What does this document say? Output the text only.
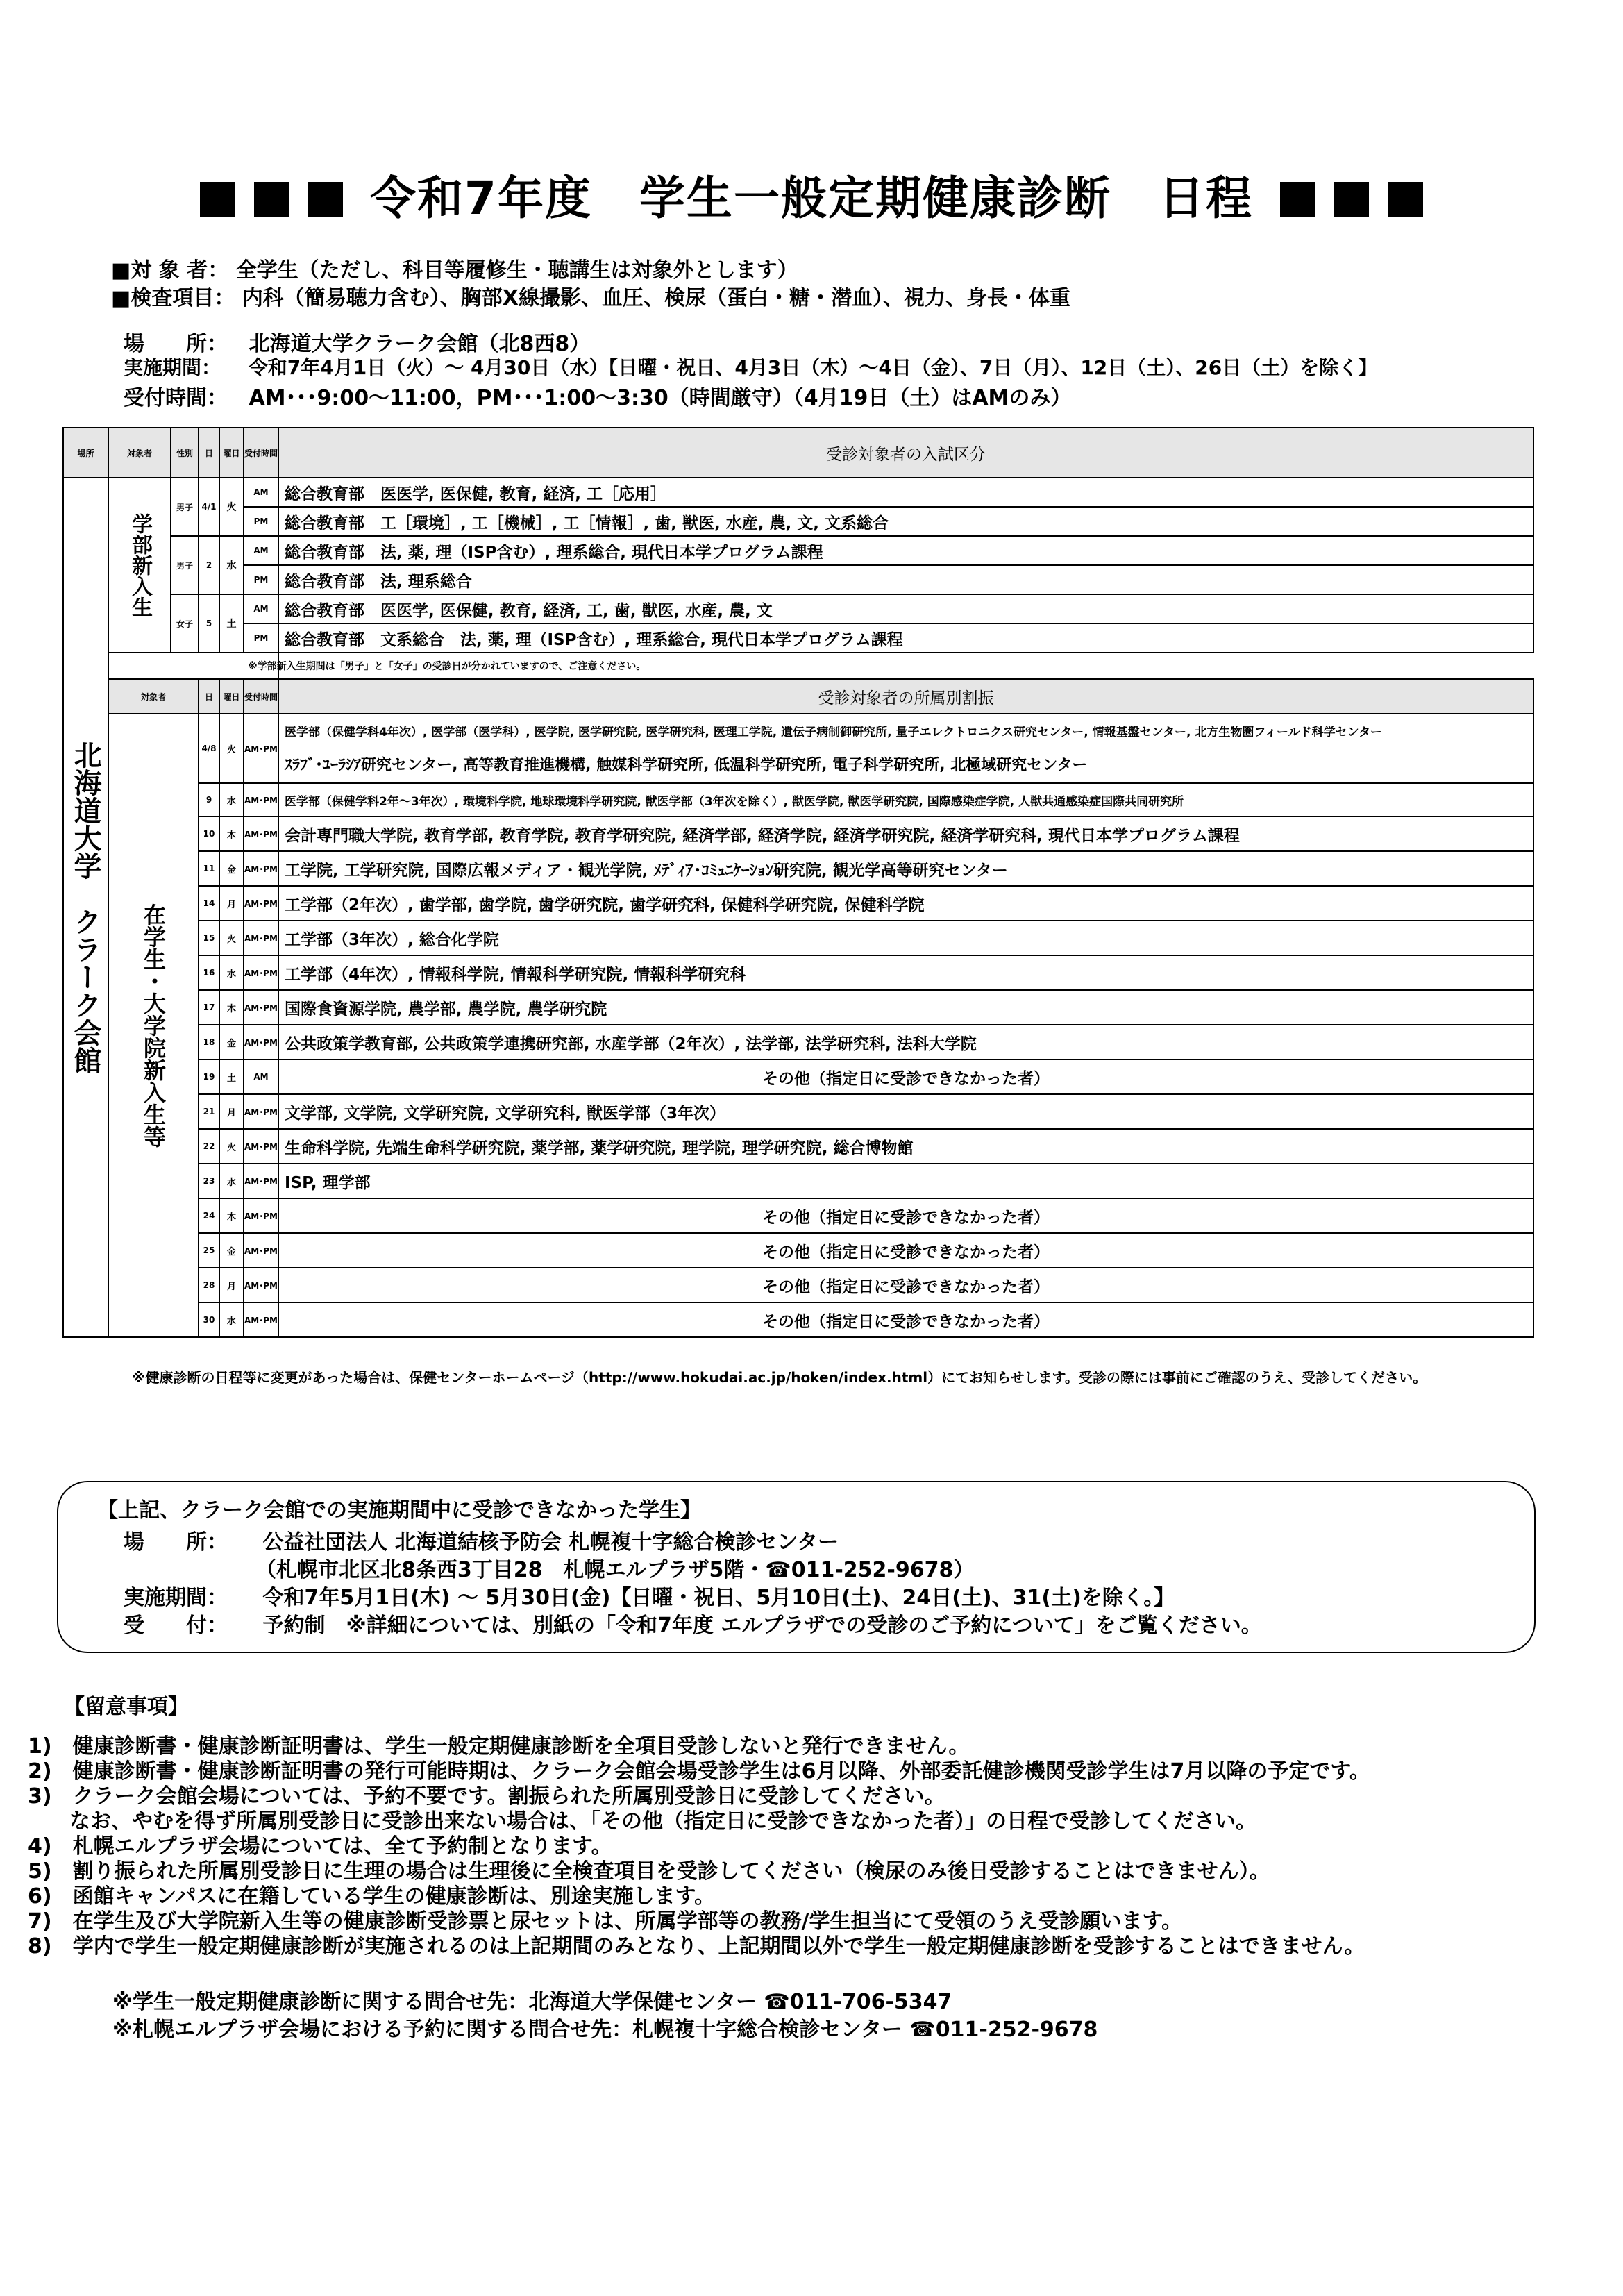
令和7年度　学生一般定期健康診断　日程
■対 象 者： 全学生（ただし、科目等履修生・聴講生は対象外とします）
■検査項目： 内科（簡易聴力含む）、胸部X線撮影、血圧、検尿（蛋白・糖・潜血）、視力、身長・体重
場　　所： 北海道大学クラーク会館（北8西8）
実施期間： 令和7年4月1日（火）～ 4月30日（水）【日曜・祝日、4月3日（木）～4日（金）、7日（月）、12日（土）、26日（土）を除く】
受付時間： AM･･･9:00～11:00，PM･･･1:00～3:30（時間厳守）（4月19日（土）はAMのみ）
場所	対象者	性別	日	曜日	受付時間	受診対象者の入試区分

北海道大学　クラーク会館	学部新入生	男子	4/1	火	AM	総合教育部　医医学, 医保健, 教育, 経済, 工［応用］
					PM	総合教育部　工［環境］, 工［機械］, 工［情報］, 歯, 獣医, 水産, 農, 文, 文系総合
		男子	2	水	AM	総合教育部　法, 薬, 理（ISP含む）, 理系総合, 現代日本学プログラム課程
					PM	総合教育部　法, 理系総合
		女子	5	土	AM	総合教育部　医医学, 医保健, 教育, 経済, 工, 歯, 獣医, 水産, 農, 文
					PM	総合教育部　文系総合　法, 薬, 理（ISP含む）, 理系総合, 現代日本学プログラム課程
	※学部新入生期間は「男子」と「女子」の受診日が分かれていますので、ご注意ください。					
	対象者		日	曜日	受付時間	受診対象者の所属別割振

	在学生・大学院新入生等		4/8	火	AM･PM	医学部（保健学科4年次）, 医学部（医学科）, 医学院, 医学研究院, 医学研究科, 医理工学院, 遺伝子病制御研究所, 量子エレクトロニクス研究センター, 情報基盤センター, 北方生物圏フィールド科学センター
ｽﾗﾌﾞ･ﾕｰﾗｼｱ研究センター, 高等教育推進機構, 触媒科学研究所, 低温科学研究所, 電子科学研究所, 北極域研究センター

			9	水	AM･PM	医学部（保健学科2年～3年次）, 環境科学院, 地球環境科学研究院, 獣医学部（3年次を除く）, 獣医学院, 獣医学研究院, 国際感染症学院, 人獣共通感染症国際共同研究所
			10	木	AM･PM	会計専門職大学院, 教育学部, 教育学院, 教育学研究院, 経済学部, 経済学院, 経済学研究院, 経済学研究科, 現代日本学プログラム課程
			11	金	AM･PM	工学院, 工学研究院, 国際広報メディア・観光学院, ﾒﾃﾞｨｱ･ｺﾐｭﾆｹｰｼｮﾝ研究院, 観光学高等研究センター
			14	月	AM･PM	工学部（2年次）, 歯学部, 歯学院, 歯学研究院, 歯学研究科, 保健科学研究院, 保健科学院
			15	火	AM･PM	工学部（3年次）, 総合化学院
			16	水	AM･PM	工学部（4年次）, 情報科学院, 情報科学研究院, 情報科学研究科
			17	木	AM･PM	国際食資源学院, 農学部, 農学院, 農学研究院
			18	金	AM･PM	公共政策学教育部, 公共政策学連携研究部, 水産学部（2年次）, 法学部, 法学研究科, 法科大学院
			19	土	AM	その他（指定日に受診できなかった者）
			21	月	AM･PM	文学部, 文学院, 文学研究院, 文学研究科, 獣医学部（3年次）
			22	火	AM･PM	生命科学院, 先端生命科学研究院, 薬学部, 薬学研究院, 理学院, 理学研究院, 総合博物館
			23	水	AM･PM	ISP, 理学部
			24	木	AM･PM	その他（指定日に受診できなかった者）
			25	金	AM･PM	その他（指定日に受診できなかった者）
			28	月	AM･PM	その他（指定日に受診できなかった者）
			30	水	AM･PM	その他（指定日に受診できなかった者）
※健康診断の日程等に変更があった場合は、保健センターホームページ（http://www.hokudai.ac.jp/hoken/index.html）にてお知らせします。受診の際には事前にご確認のうえ、受診してください。
【上記、クラーク会館での実施期間中に受診できなかった学生】
場　　所： 公益社団法人 北海道結核予防会 札幌複十字総合検診センター
（札幌市北区北8条西3丁目28　札幌エルプラザ5階・☎011-252-9678）
実施期間： 令和7年5月1日(木) ～ 5月30日(金)【日曜・祝日、5月10日(土)、24日(土)、31(土)を除く。】
受　　付： 予約制　※詳細については、別紙の「令和7年度 エルプラザでの受診のご予約について」をご覧ください。
【留意事項】
1)　健康診断書・健康診断証明書は、学生一般定期健康診断を全項目受診しないと発行できません。
2)　健康診断書・健康診断証明書の発行可能時期は、クラーク会館会場受診学生は6月以降、外部委託健診機関受診学生は7月以降の予定です。
3)　クラーク会館会場については、予約不要です。割振られた所属別受診日に受診してください。
　　なお、やむを得ず所属別受診日に受診出来ない場合は、「その他（指定日に受診できなかった者）」の日程で受診してください。
4)　札幌エルプラザ会場については、全て予約制となります。
5)　割り振られた所属別受診日に生理の場合は生理後に全検査項目を受診してください（検尿のみ後日受診することはできません）。
6)　函館キャンパスに在籍している学生の健康診断は、別途実施します。
7)　在学生及び大学院新入生等の健康診断受診票と尿セットは、所属学部等の教務/学生担当にて受領のうえ受診願います。
8)　学内で学生一般定期健康診断が実施されるのは上記期間のみとなり、上記期間以外で学生一般定期健康診断を受診することはできません。
※学生一般定期健康診断に関する問合せ先：北海道大学保健センター ☎011-706-5347
※札幌エルプラザ会場における予約に関する問合せ先：札幌複十字総合検診センター ☎011-252-9678
